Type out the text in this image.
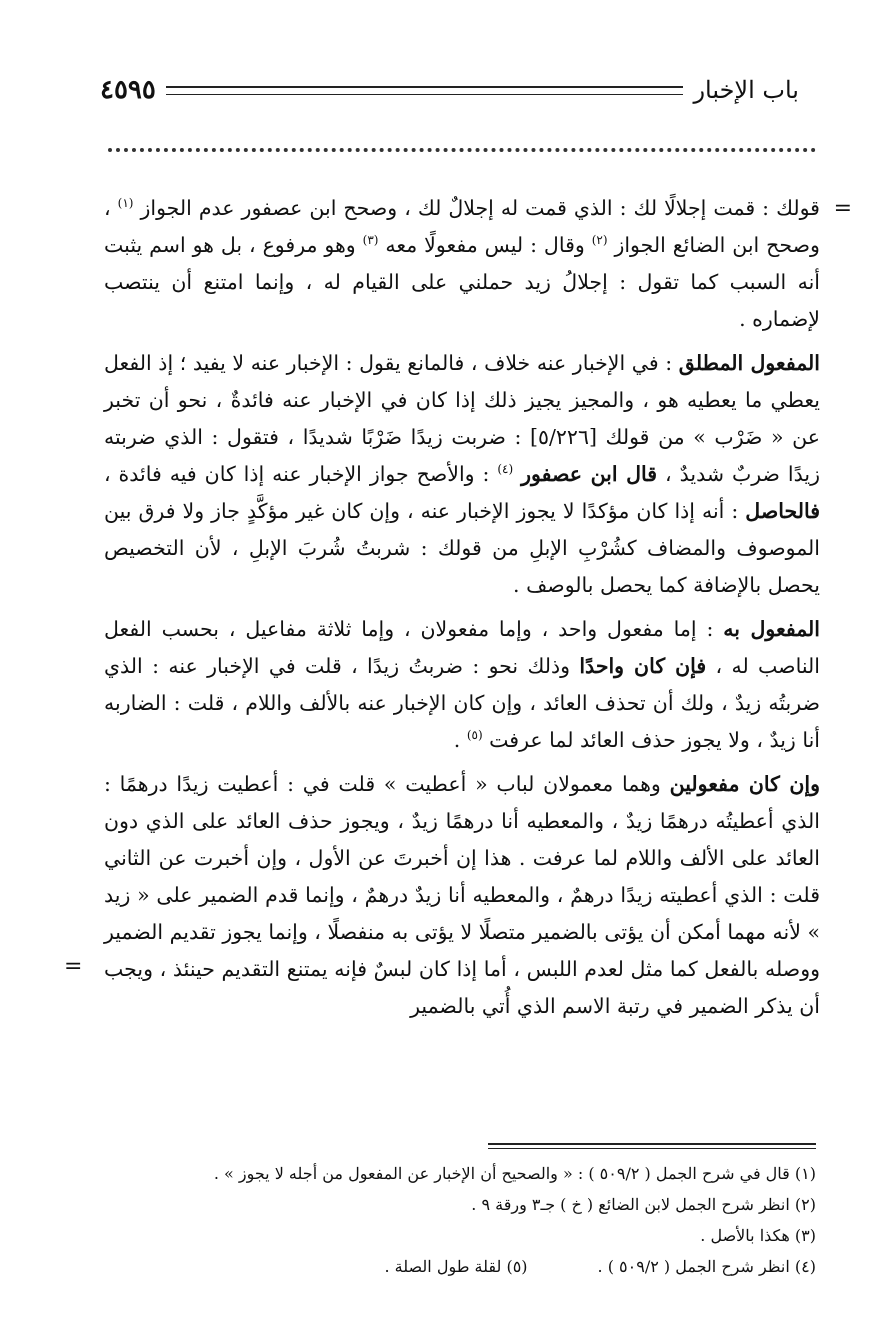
باب الإخبار
٤٥٩٥

=
قولك : قمت إجلالًا لك : الذي قمت له إجلالٌ لك ، وصحح ابن عصفور عدم الجواز $^{(١)}$ ، وصحح ابن الضائع الجواز $^{(٢)}$ وقال : ليس مفعولًا معه $^{(٣)}$ وهو مرفوع ، بل هو اسم يثبت أنه السبب كما تقول : إجلالُ زيد حملني على القيام له ، وإنما امتنع أن ينتصب لإضماره .

المفعول المطلق : في الإخبار عنه خلاف ، فالمانع يقول : الإخبار عنه لا يفيد ؛ إذ الفعل يعطي ما يعطيه هو ، والمجيز يجيز ذلك إذا كان في الإخبار عنه فائدةٌ ، نحو أن تخبر عن « ضَرْب » من قولك [٥/٢٢٦] : ضربت زيدًا ضَرْبًا شديدًا ، فتقول : الذي ضربته زيدًا ضربٌ شديدٌ ، قال ابن عصفور $^{(٤)}$ : والأصح جواز الإخبار عنه إذا كان فيه فائدة ، فالحاصل : أنه إذا كان مؤكدًا لا يجوز الإخبار عنه ، وإن كان غير مؤكَّدٍ جاز ولا فرق بين الموصوف والمضاف كشُرْبِ الإبلِ من قولك : شربتُ شُربَ الإبلِ ، لأن التخصيص يحصل بالإضافة كما يحصل بالوصف .

المفعول به : إما مفعول واحد ، وإما مفعولان ، وإما ثلاثة مفاعيل ، بحسب الفعل الناصب له ، فإن كان واحدًا وذلك نحو : ضربتُ زيدًا ، قلت في الإخبار عنه : الذي ضربتُه زيدٌ ، ولك أن تحذف العائد ، وإن كان الإخبار عنه بالألف واللام ، قلت : الضاربه أنا زيدٌ ، ولا يجوز حذف العائد لما عرفت $^{(٥)}$ .

وإن كان مفعولين وهما معمولان لباب « أعطيت » قلت في : أعطيت زيدًا درهمًا : الذي أعطيتُه درهمًا زيدٌ ، والمعطيه أنا درهمًا زيدٌ ، ويجوز حذف العائد على الذي دون العائد على الألف واللام لما عرفت . هذا إن أخبرتَ عن الأول ، وإن أخبرت عن الثاني قلت : الذي أعطيته زيدًا درهمٌ ، والمعطيه أنا زيدٌ درهمٌ ، وإنما قدم الضمير على « زيد » لأنه مهما أمكن أن يؤتى بالضمير متصلًا لا يؤتى به منفصلًا ، وإنما يجوز تقديم الضمير ووصله بالفعل كما مثل لعدم اللبس ، أما إذا كان لبسٌ فإنه يمتنع التقديم حينئذ ، ويجب أن يذكر الضمير في رتبة الاسم الذي أُتي بالضمير
=

(١) قال في شرح الجمل ( ٥٠٩/٢ ) : « والصحيح أن الإخبار عن المفعول من أجله لا يجوز » .
(٢) انظر شرح الجمل لابن الضائع ( خ ) جـ٣ ورقة ٩ .
(٣) هكذا بالأصل .
(٤) انظر شرح الجمل ( ٥٠٩/٢ ) .
(٥) لقلة طول الصلة .
